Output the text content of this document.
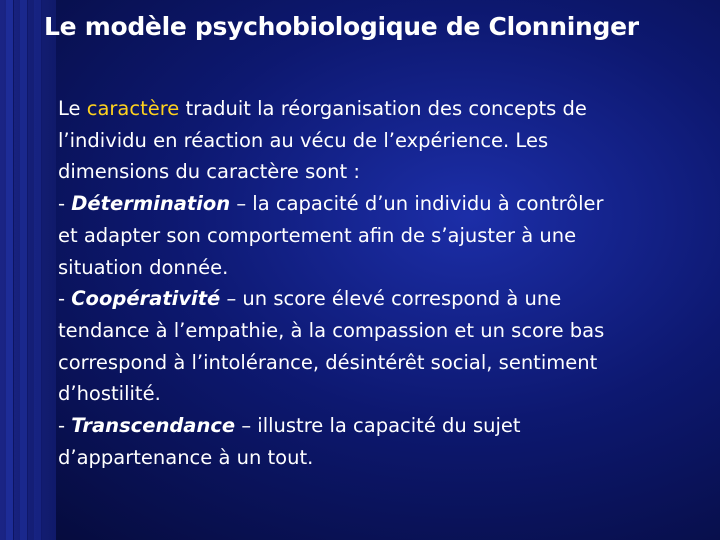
Le modèle psychobiologique de Clonninger
Le caractère traduit la réorganisation des concepts de
l’individu en réaction au vécu de l’expérience. Les
dimensions du caractère sont :
- Détermination – la capacité d’un individu à contrôler
et adapter son comportement afin de s’ajuster à une
situation donnée.
- Coopérativité – un score élevé correspond à une
tendance à l’empathie, à la compassion et un score bas
correspond à l’intolérance, désintérêt social, sentiment
d’hostilité.
- Transcendance – illustre la capacité du sujet
d’appartenance à un tout.
